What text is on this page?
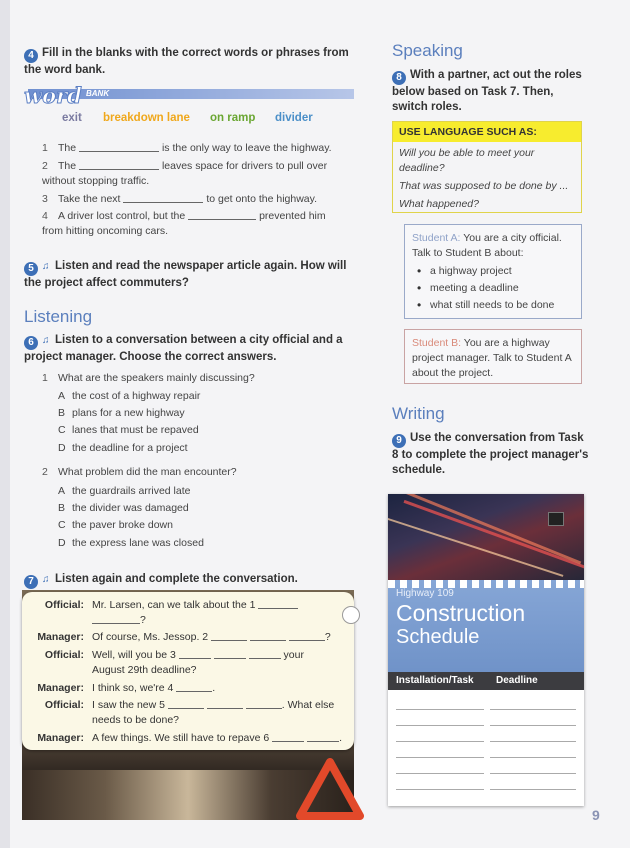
4 Fill in the blanks with the correct words or phrases from the word bank.
word BANK
exit breakdown lane on ramp divider
1 The	is the only way to leave the highway.
2 The	leaves space for drivers to pull over
without stopping traffic.
3 Take the next	to get onto the highway.
4 A driver lost control, but the	prevented him
from hitting oncoming cars.
5 ♫ Listen and read the newspaper article again. How will the project affect commuters?
Listening
6 ♫ Listen to a conversation between a city official and a project manager. Choose the correct answers.
1 What are the speakers mainly discussing?
A the cost of a highway repair
B plans for a new highway
C lanes that must be repaved
D the deadline for a project
2 What problem did the man encounter?
A the guardrails arrived late
B the divider was damaged
C the paver broke down
D the express lane was closed
7 ♫ Listen again and complete the conversation.
Official: Mr. Larsen, can we talk about the 1
?
Manager: Of course, Ms. Jessop. 2	?
Official: Well, will you be 3	your
August 29th deadline?
Manager: I think so, we're 4	.
Official: I saw the new 5	. What else
needs to be done?
Manager: A few things. We still have to repave 6	.
Speaking
8 With a partner, act out the roles below based on Task 7. Then, switch roles.
USE LANGUAGE SUCH AS:
Will you be able to meet your deadline?
That was supposed to be done by ...
What happened?
Student A: You are a city official. Talk to Student B about:
• a highway project
• meeting a deadline
• what still needs to be done
Student B: You are a highway project manager. Talk to Student A about the project.
Writing
9 Use the conversation from Task 8 to complete the project manager's schedule.
Highway 109
Construction
Schedule
Installation/Task Deadline
9
